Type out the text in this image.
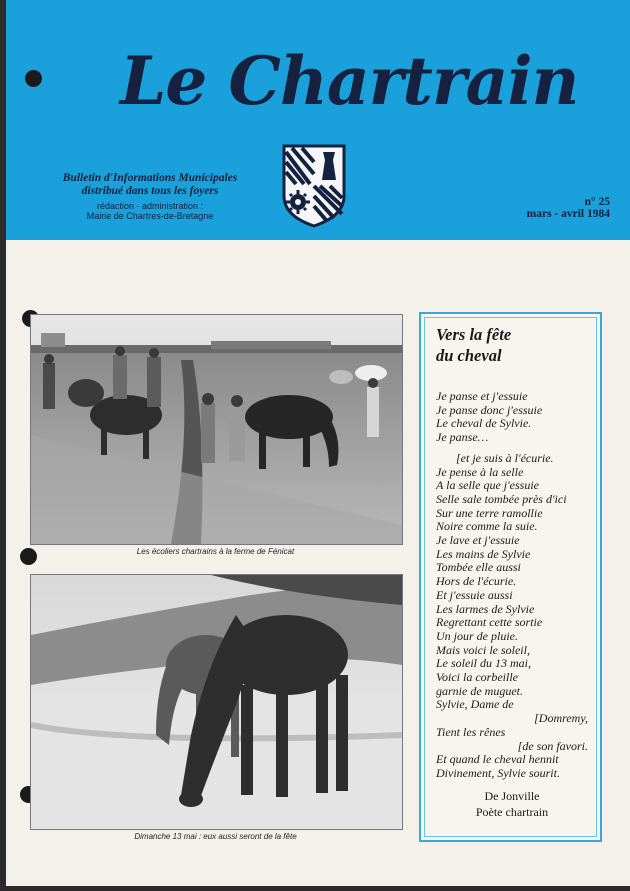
Le Chartrain
Bulletin d'Informations Municipales
distribué dans tous les foyers
rédaction · administration :
Mairie de Chartres-de-Bretagne
n° 25
mars - avril 1984
Les écoliers chartrains à la ferme de Fénicat
Dimanche 13 mai : eux aussi seront de la fête
Vers la fête
du cheval
Je panse et j'essuie
Je panse donc j'essuie
Le cheval de Sylvie.
Je panse…
[et je suis à l'écurie.
Je pense à la selle
A la selle que j'essuie
Selle sale tombée près d'ici
Sur une terre ramollie
Noire comme la suie.
Je lave et j'essuie
Les mains de Sylvie
Tombée elle aussi
Hors de l'écurie.
Et j'essuie aussi
Les larmes de Sylvie
Regrettant cette sortie
Un jour de pluie.
Mais voici le soleil,
Le soleil du 13 mai,
Voici la corbeille
garnie de muguet.
Sylvie, Dame de
[Domremy,
Tient les rênes
[de son favori.
Et quand le cheval hennit
Divinement, Sylvie sourit.
De Jonville
Poète chartrain
